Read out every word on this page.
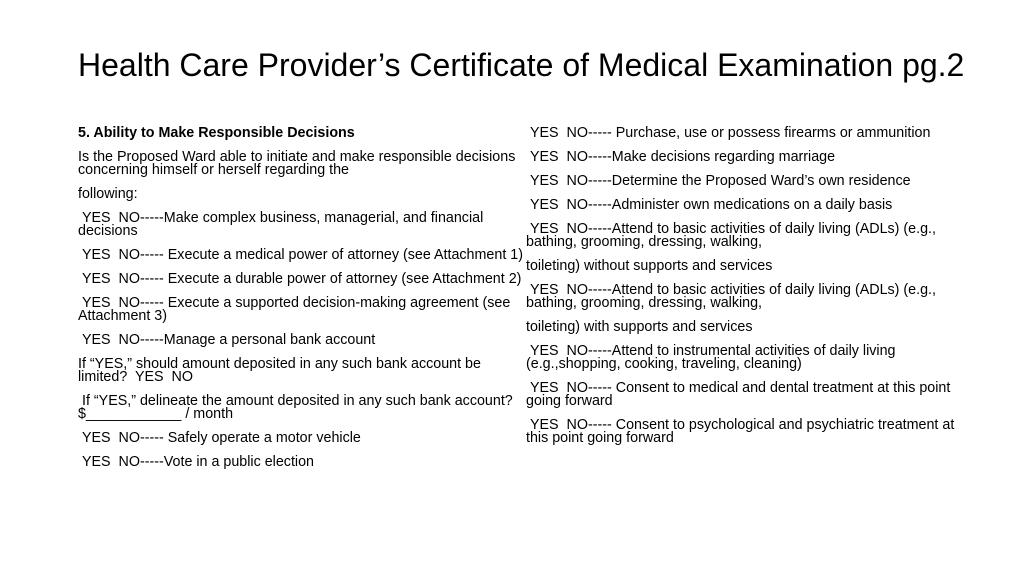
Health Care Provider’s Certificate of Medical Examination pg.2

5. Ability to Make Responsible Decisions

Is the Proposed Ward able to initiate and make responsible decisions concerning himself or herself regarding the

following:

YES  NO-----Make complex business, managerial, and financial decisions

YES  NO----- Execute a medical power of attorney (see Attachment 1)

YES  NO----- Execute a durable power of attorney (see Attachment 2)

YES  NO----- Execute a supported decision-making agreement (see Attachment 3)

YES  NO-----Manage a personal bank account

If “YES,” should amount deposited in any such bank account be limited?  YES  NO

If “YES,” delineate the amount deposited in any such bank account? $____________ / month

YES  NO----- Safely operate a motor vehicle

YES  NO-----Vote in a public election

YES  NO----- Purchase, use or possess firearms or ammunition

YES  NO-----Make decisions regarding marriage

YES  NO-----Determine the Proposed Ward’s own residence

YES  NO-----Administer own medications on a daily basis

YES  NO-----Attend to basic activities of daily living (ADLs) (e.g., bathing, grooming, dressing, walking,

toileting) without supports and services

YES  NO-----Attend to basic activities of daily living (ADLs) (e.g., bathing, grooming, dressing, walking,

toileting) with supports and services

YES  NO-----Attend to instrumental activities of daily living (e.g.,shopping, cooking, traveling, cleaning)

YES  NO----- Consent to medical and dental treatment at this point going forward

YES  NO----- Consent to psychological and psychiatric treatment at this point going forward
